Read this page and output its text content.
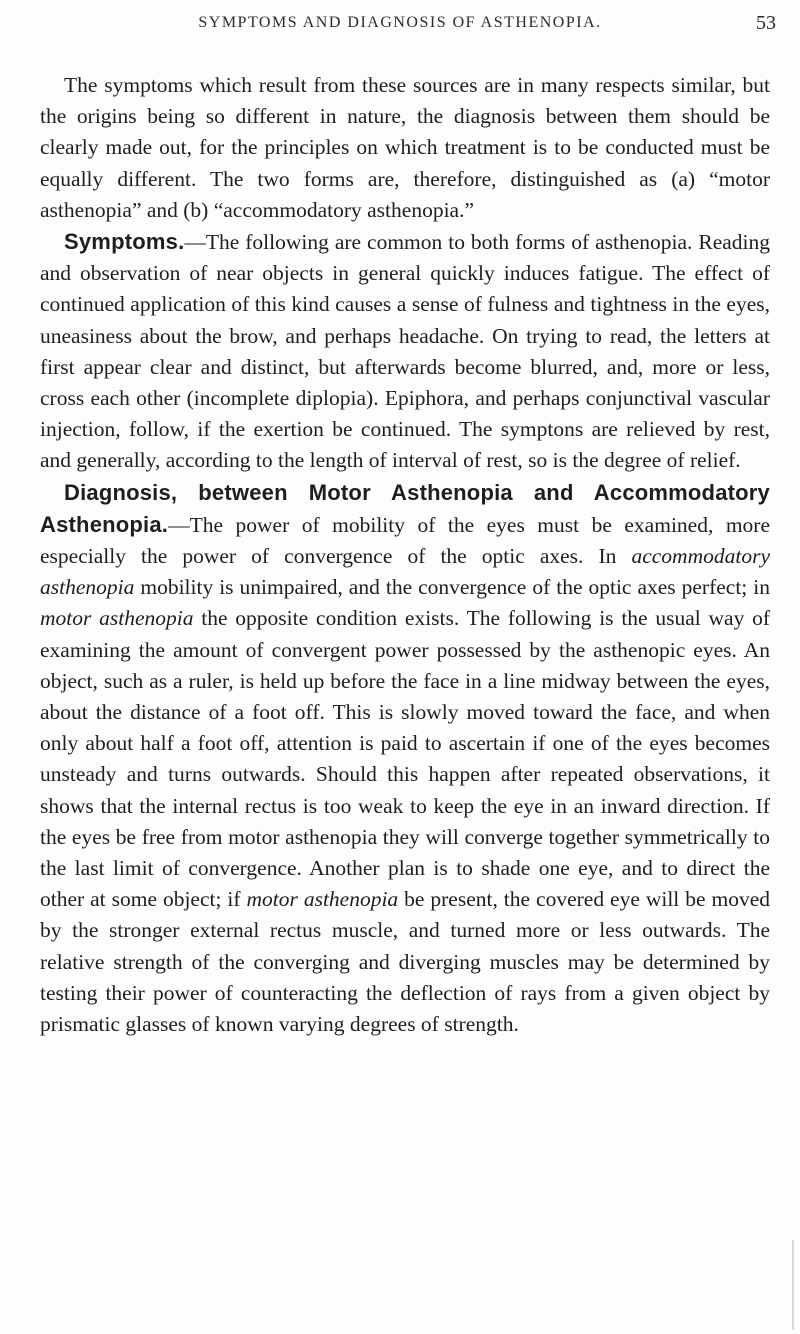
SYMPTOMS AND DIAGNOSIS OF ASTHENOPIA.	53

The symptoms which result from these sources are in many respects similar, but the origins being so different in nature, the diagnosis between them should be clearly made out, for the principles on which treatment is to be conducted must be equally different. The two forms are, therefore, distinguished as (a) “motor asthenopia” and (b) “accommodatory asthenopia.”

Symptoms.—The following are common to both forms of asthenopia. Reading and observation of near objects in general quickly induces fatigue. The effect of continued application of this kind causes a sense of fulness and tightness in the eyes, uneasiness about the brow, and perhaps headache. On trying to read, the letters at first appear clear and distinct, but afterwards become blurred, and, more or less, cross each other (incomplete diplopia). Epiphora, and perhaps conjunctival vascular injection, follow, if the exertion be continued. The symptons are relieved by rest, and generally, according to the length of interval of rest, so is the degree of relief.

Diagnosis, between Motor Asthenopia and Accommodatory Asthenopia.—The power of mobility of the eyes must be examined, more especially the power of convergence of the optic axes. In accommodatory asthenopia mobility is unimpaired, and the convergence of the optic axes perfect; in motor asthenopia the opposite condition exists. The following is the usual way of examining the amount of convergent power possessed by the asthenopic eyes. An object, such as a ruler, is held up before the face in a line midway between the eyes, about the distance of a foot off. This is slowly moved toward the face, and when only about half a foot off, attention is paid to ascertain if one of the eyes becomes unsteady and turns outwards. Should this happen after repeated observations, it shows that the internal rectus is too weak to keep the eye in an inward direction. If the eyes be free from motor asthenopia they will converge together symmetrically to the last limit of convergence. Another plan is to shade one eye, and to direct the other at some object; if motor asthenopia be present, the covered eye will be moved by the stronger external rectus muscle, and turned more or less outwards. The relative strength of the converging and diverging muscles may be determined by testing their power of counteracting the deflection of rays from a given object by prismatic glasses of known varying degrees of strength.
